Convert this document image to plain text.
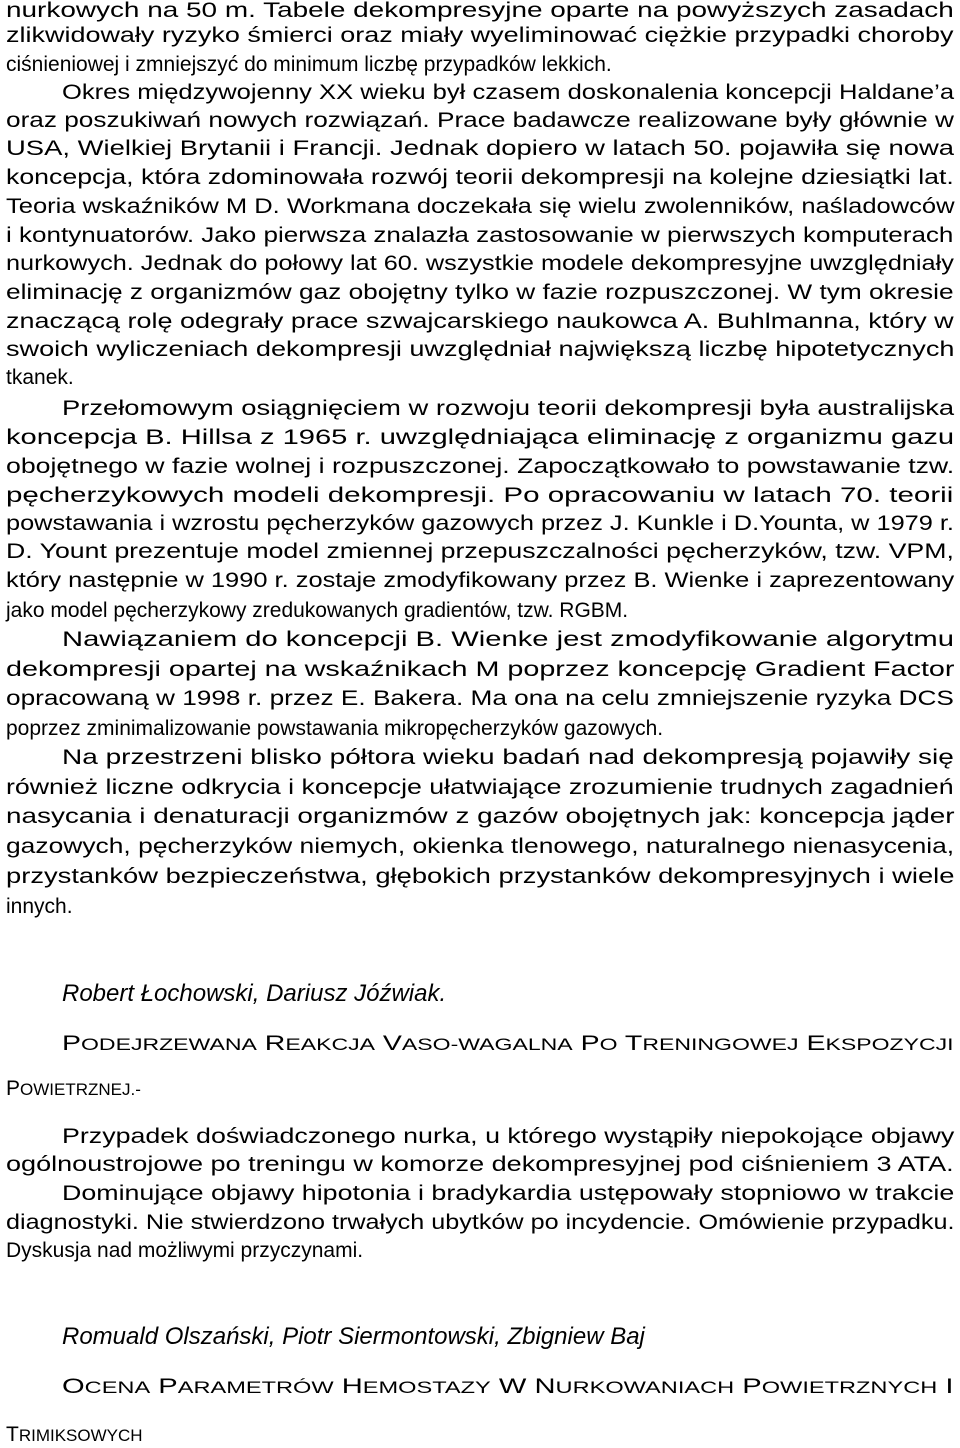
nurkowych na 50 m. Tabele dekompresyjne oparte na powyższych zasadach
zlikwidowały ryzyko śmierci oraz miały wyeliminować ciężkie przypadki choroby
ciśnieniowej i zmniejszyć do minimum liczbę przypadków lekkich.
Okres międzywojenny XX wieku był czasem doskonalenia koncepcji Haldane’a
oraz poszukiwań nowych rozwiązań. Prace badawcze realizowane były głównie w
USA, Wielkiej Brytanii i Francji. Jednak dopiero w latach 50. pojawiła się nowa
koncepcja, która zdominowała rozwój teorii dekompresji na kolejne dziesiątki lat.
Teoria wskaźników M D. Workmana doczekała się wielu zwolenników, naśladowców
i kontynuatorów. Jako pierwsza znalazła zastosowanie w pierwszych komputerach
nurkowych. Jednak do połowy lat 60. wszystkie modele dekompresyjne uwzględniały
eliminację z organizmów gaz obojętny tylko w fazie rozpuszczonej. W tym okresie
znaczącą rolę odegrały prace szwajcarskiego naukowca A. Buhlmanna, który w
swoich wyliczeniach dekompresji uwzględniał największą liczbę hipotetycznych
tkanek.
Przełomowym osiągnięciem w rozwoju teorii dekompresji była australijska
koncepcja B. Hillsa z 1965 r. uwzględniająca eliminację z organizmu gazu
obojętnego w fazie wolnej i rozpuszczonej. Zapoczątkowało to powstawanie tzw.
pęcherzykowych modeli dekompresji. Po opracowaniu w latach 70. teorii
powstawania i wzrostu pęcherzyków gazowych przez J. Kunkle i D.Younta, w 1979 r.
D. Yount prezentuje model zmiennej przepuszczalności pęcherzyków, tzw. VPM,
który następnie w 1990 r. zostaje zmodyfikowany przez B. Wienke i zaprezentowany
jako model pęcherzykowy zredukowanych gradientów, tzw. RGBM.
Nawiązaniem do koncepcji B. Wienke jest zmodyfikowanie algorytmu
dekompresji opartej na wskaźnikach M poprzez koncepcję Gradient Factor
opracowaną w 1998 r. przez E. Bakera. Ma ona na celu zmniejszenie ryzyka DCS
poprzez zminimalizowanie powstawania mikropęcherzyków gazowych.
Na przestrzeni blisko półtora wieku badań nad dekompresją pojawiły się
również liczne odkrycia i koncepcje ułatwiające zrozumienie trudnych zagadnień
nasycania i denaturacji organizmów z gazów obojętnych jak: koncepcja jąder
gazowych, pęcherzyków niemych, okienka tlenowego, naturalnego nienasycenia,
przystanków bezpieczeństwa, głębokich przystanków dekompresyjnych i wiele
innych.
Robert Łochowski, Dariusz Jóźwiak.
PODEJRZEWANA REAKCJA VASO-WAGALNA PO TRENINGOWEJ EKSPOZYCJI
POWIETRZNEJ.-
Przypadek doświadczonego nurka, u którego wystąpiły niepokojące objawy
ogólnoustrojowe po treningu w komorze dekompresyjnej pod ciśnieniem 3 ATA.
Dominujące objawy hipotonia i bradykardia ustępowały stopniowo w trakcie
diagnostyki. Nie stwierdzono trwałych ubytków po incydencie. Omówienie przypadku.
Dyskusja nad możliwymi przyczynami.
Romuald Olszański, Piotr Siermontowski, Zbigniew Baj
OCENA PARAMETRÓW HEMOSTAZY W NURKOWANIACH POWIETRZNYCH I
TRIMIKSOWYCH
